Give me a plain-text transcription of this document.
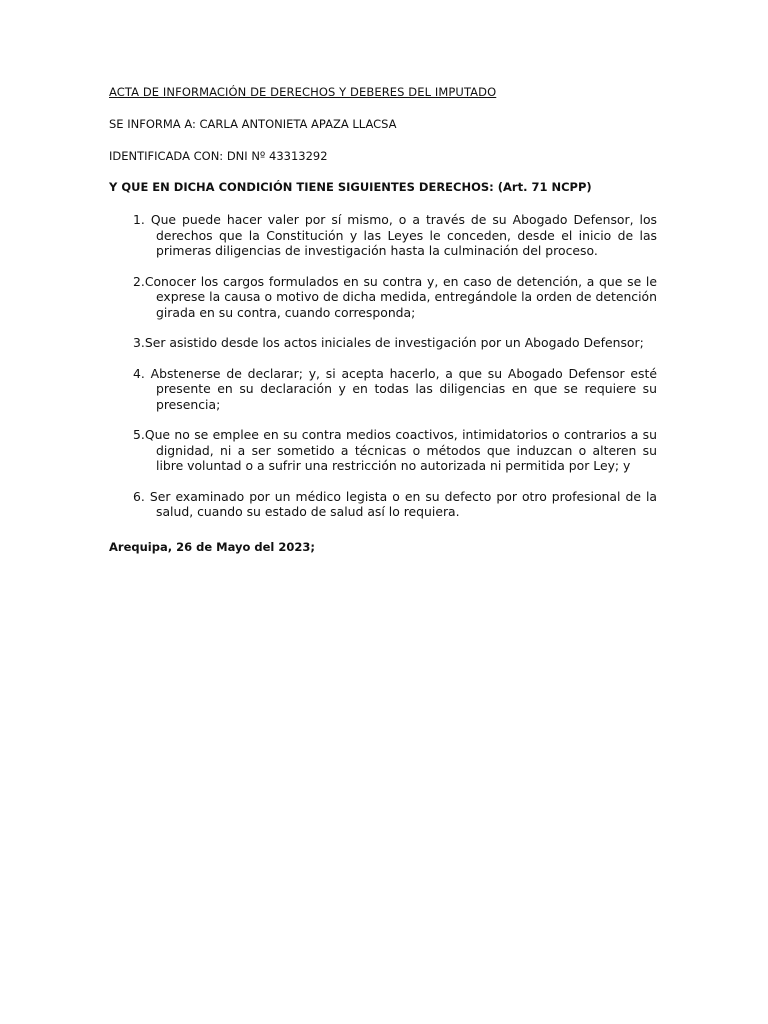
ACTA DE INFORMACIÓN DE DERECHOS Y DEBERES DEL IMPUTADO
SE INFORMA A: CARLA ANTONIETA APAZA LLACSA
IDENTIFICADA CON: DNI Nº 43313292
Y QUE EN DICHA CONDICIÓN TIENE SIGUIENTES DERECHOS: (Art. 71 NCPP)
1. Que puede hacer valer por sí mismo, o a través de su Abogado Defensor, los derechos que la Constitución y las Leyes le conceden, desde el inicio de las primeras diligencias de investigación hasta la culminación del proceso.
2.Conocer los cargos formulados en su contra y, en caso de detención, a que se le exprese la causa o motivo de dicha medida, entregándole la orden de detención girada en su contra, cuando corresponda;
3.Ser asistido desde los actos iniciales de investigación por un Abogado Defensor;
4. Abstenerse de declarar; y, si acepta hacerlo, a que su Abogado Defensor esté presente en su declaración y en todas las diligencias en que se requiere su presencia;
5.Que no se emplee en su contra medios coactivos, intimidatorios o contrarios a su dignidad, ni a ser sometido a técnicas o métodos que induzcan o alteren su libre voluntad o a sufrir una restricción no autorizada ni permitida por Ley; y
6. Ser examinado por un médico legista o en su defecto por otro profesional de la salud, cuando su estado de salud así lo requiera.
Arequipa, 26 de Mayo del 2023;
